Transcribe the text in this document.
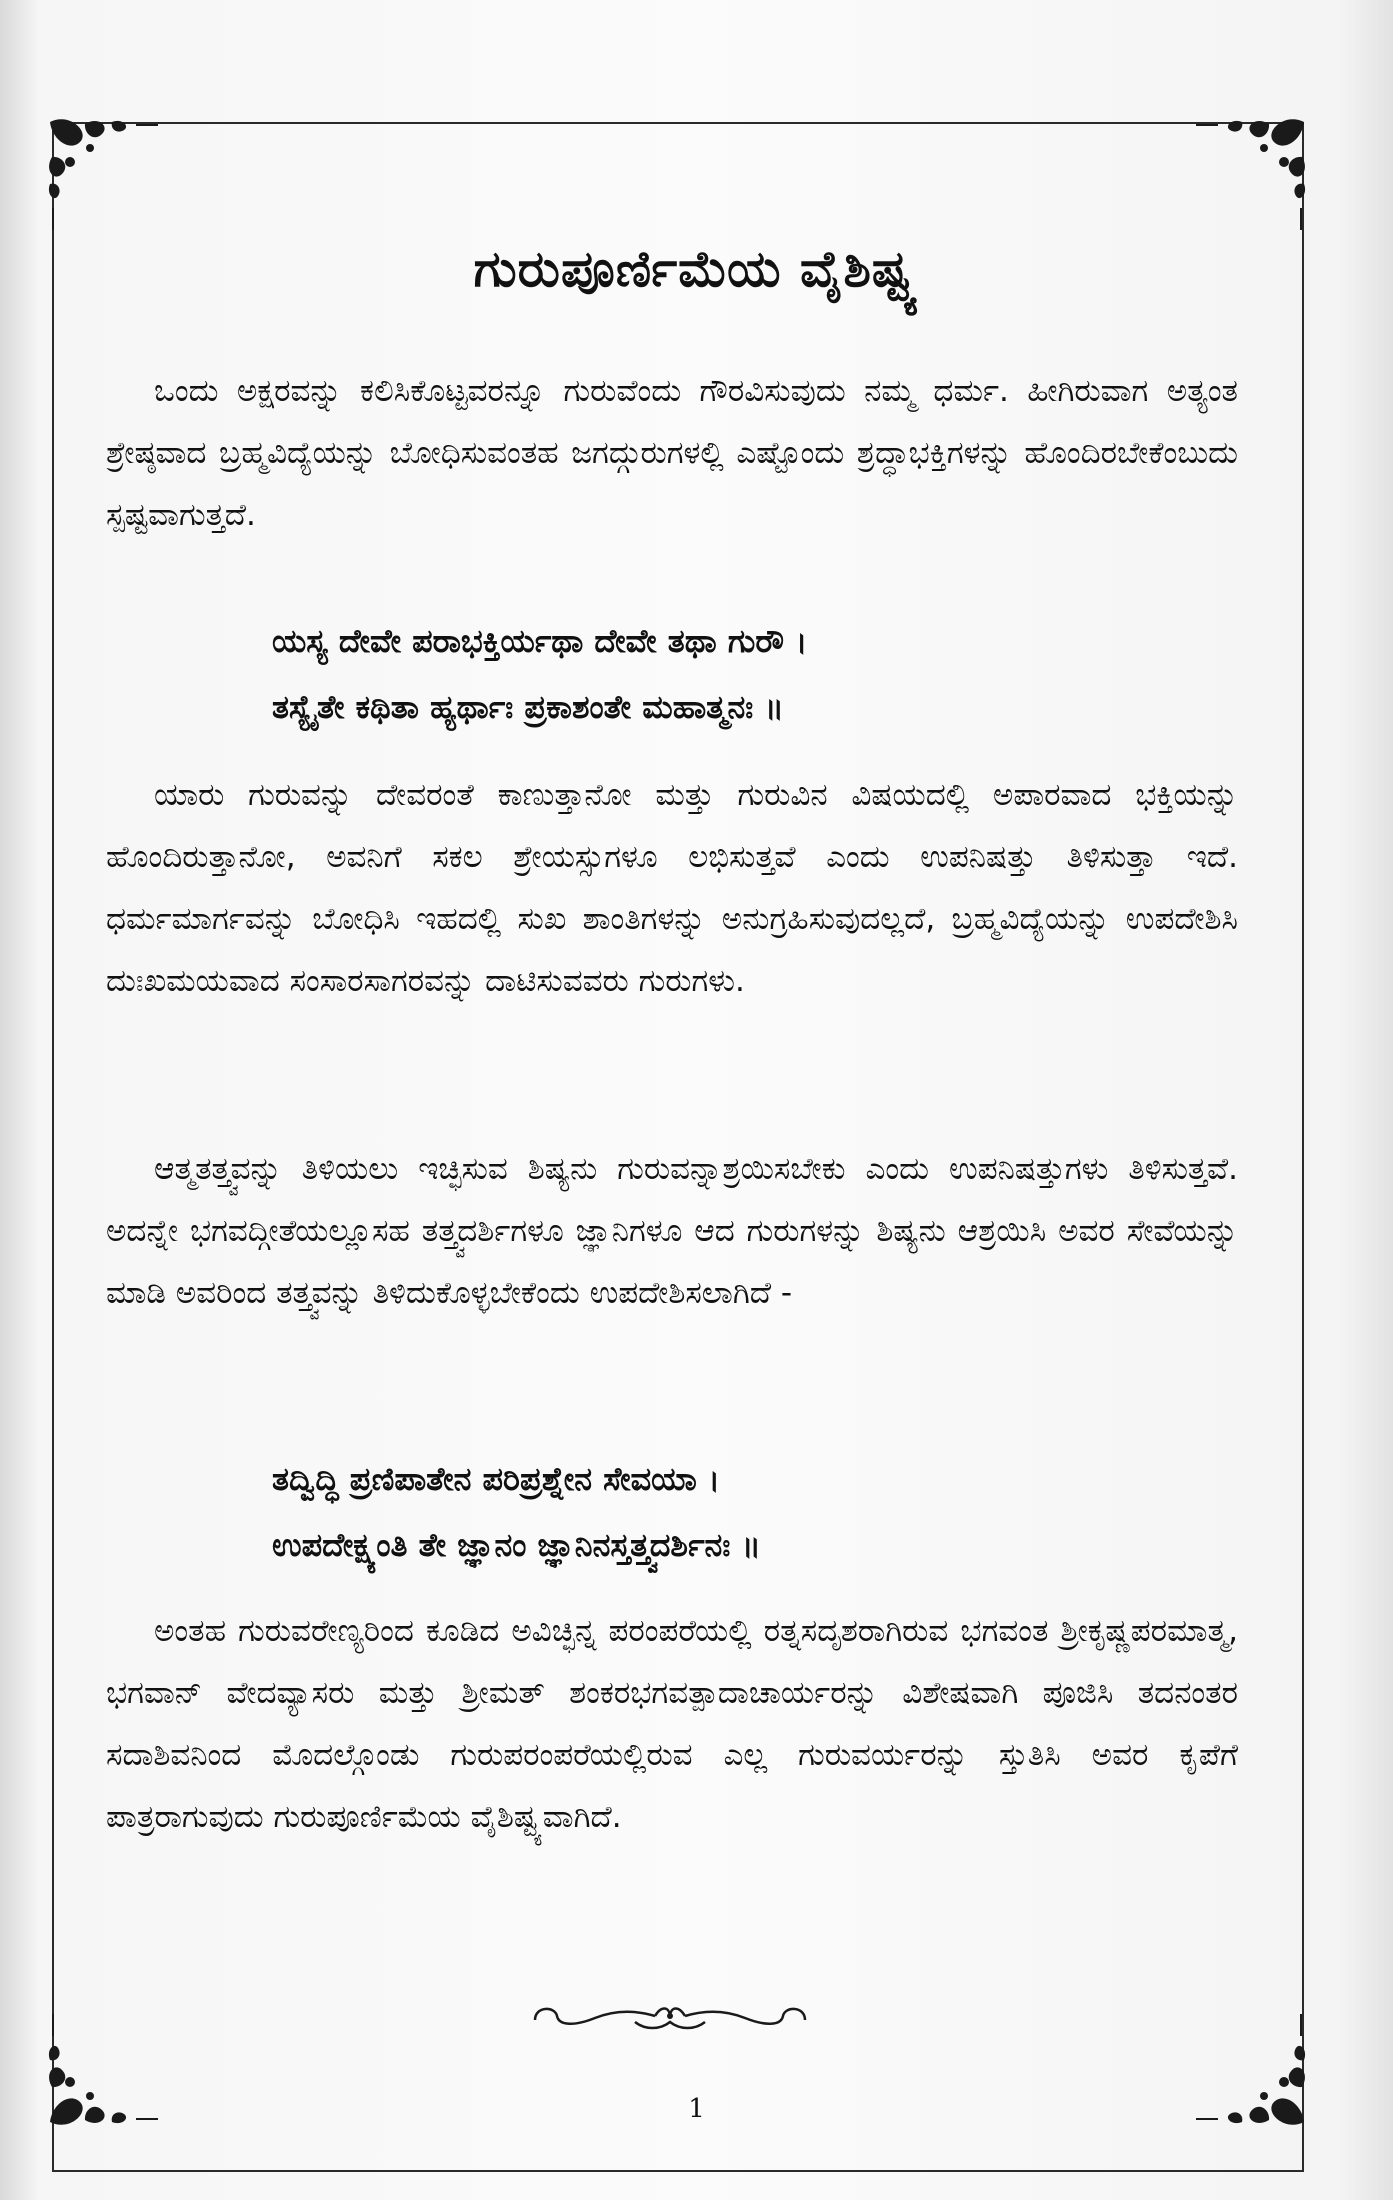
ಗುರುಪೂರ್ಣಿಮೆಯ ವೈಶಿಷ್ಟ್ಯ

ಒಂದು ಅಕ್ಷರವನ್ನು ಕಲಿಸಿಕೊಟ್ಟವರನ್ನೂ ಗುರುವೆಂದು ಗೌರವಿಸುವುದು ನಮ್ಮ ಧರ್ಮ. ಹೀಗಿರುವಾಗ ಅತ್ಯಂತ ಶ್ರೇಷ್ಠವಾದ ಬ್ರಹ್ಮವಿದ್ಯೆಯನ್ನು ಬೋಧಿಸುವಂತಹ ಜಗದ್ಗುರುಗಳಲ್ಲಿ ಎಷ್ಟೊಂದು ಶ್ರದ್ಧಾಭಕ್ತಿಗಳನ್ನು ಹೊಂದಿರಬೇಕೆಂಬುದು ಸ್ಪಷ್ಟವಾಗುತ್ತದೆ.

ಯಸ್ಯ ದೇವೇ ಪರಾಭಕ್ತಿರ್ಯಥಾ ದೇವೇ ತಥಾ ಗುರೌ ।
ತಸ್ಯೈತೇ ಕಥಿತಾ ಹ್ಯರ್ಥಾಃ ಪ್ರಕಾಶಂತೇ ಮಹಾತ್ಮನಃ ॥

ಯಾರು ಗುರುವನ್ನು ದೇವರಂತೆ ಕಾಣುತ್ತಾನೋ ಮತ್ತು ಗುರುವಿನ ವಿಷಯದಲ್ಲಿ ಅಪಾರವಾದ ಭಕ್ತಿಯನ್ನು ಹೊಂದಿರುತ್ತಾನೋ, ಅವನಿಗೆ ಸಕಲ ಶ್ರೇಯಸ್ಸುಗಳೂ ಲಭಿಸುತ್ತವೆ ಎಂದು ಉಪನಿಷತ್ತು ತಿಳಿಸುತ್ತಾ ಇದೆ. ಧರ್ಮಮಾರ್ಗವನ್ನು ಬೋಧಿಸಿ ಇಹದಲ್ಲಿ ಸುಖ ಶಾಂತಿಗಳನ್ನು ಅನುಗ್ರಹಿಸುವುದಲ್ಲದೆ, ಬ್ರಹ್ಮವಿದ್ಯೆಯನ್ನು ಉಪದೇಶಿಸಿ ದುಃಖಮಯವಾದ ಸಂಸಾರಸಾಗರವನ್ನು ದಾಟಿಸುವವರು ಗುರುಗಳು.

ಆತ್ಮತತ್ತ್ವವನ್ನು ತಿಳಿಯಲು ಇಚ್ಛಿಸುವ ಶಿಷ್ಯನು ಗುರುವನ್ನಾಶ್ರಯಿಸಬೇಕು ಎಂದು ಉಪನಿಷತ್ತುಗಳು ತಿಳಿಸುತ್ತವೆ. ಅದನ್ನೇ ಭಗವದ್ಗೀತೆಯಲ್ಲೂಸಹ ತತ್ತ್ವದರ್ಶಿಗಳೂ ಜ್ಞಾನಿಗಳೂ ಆದ ಗುರುಗಳನ್ನು ಶಿಷ್ಯನು ಆಶ್ರಯಿಸಿ ಅವರ ಸೇವೆಯನ್ನು ಮಾಡಿ ಅವರಿಂದ ತತ್ತ್ವವನ್ನು ತಿಳಿದುಕೊಳ್ಳಬೇಕೆಂದು ಉಪದೇಶಿಸಲಾಗಿದೆ -

ತದ್ವಿದ್ಧಿ ಪ್ರಣಿಪಾತೇನ ಪರಿಪ್ರಶ್ನೇನ ಸೇವಯಾ ।
ಉಪದೇಕ್ಷ್ಯಂತಿ ತೇ ಜ್ಞಾನಂ ಜ್ಞಾನಿನಸ್ತತ್ತ್ವದರ್ಶಿನಃ ॥

ಅಂತಹ ಗುರುವರೇಣ್ಯರಿಂದ ಕೂಡಿದ ಅವಿಚ್ಛಿನ್ನ ಪರಂಪರೆಯಲ್ಲಿ ರತ್ನಸದೃಶರಾಗಿರುವ ಭಗವಂತ ಶ್ರೀಕೃಷ್ಣಪರಮಾತ್ಮ, ಭಗವಾನ್ ವೇದವ್ಯಾಸರು ಮತ್ತು ಶ್ರೀಮತ್ ಶಂಕರಭಗವತ್ಪಾದಾಚಾರ್ಯರನ್ನು ವಿಶೇಷವಾಗಿ ಪೂಜಿಸಿ ತದನಂತರ ಸದಾಶಿವನಿಂದ ಮೊದಲ್ಗೊಂಡು ಗುರುಪರಂಪರೆಯಲ್ಲಿರುವ ಎಲ್ಲ ಗುರುವರ್ಯರನ್ನು ಸ್ತುತಿಸಿ ಅವರ ಕೃಪೆಗೆ ಪಾತ್ರರಾಗುವುದು ಗುರುಪೂರ್ಣಿಮೆಯ ವೈಶಿಷ್ಟ್ಯವಾಗಿದೆ.

1
